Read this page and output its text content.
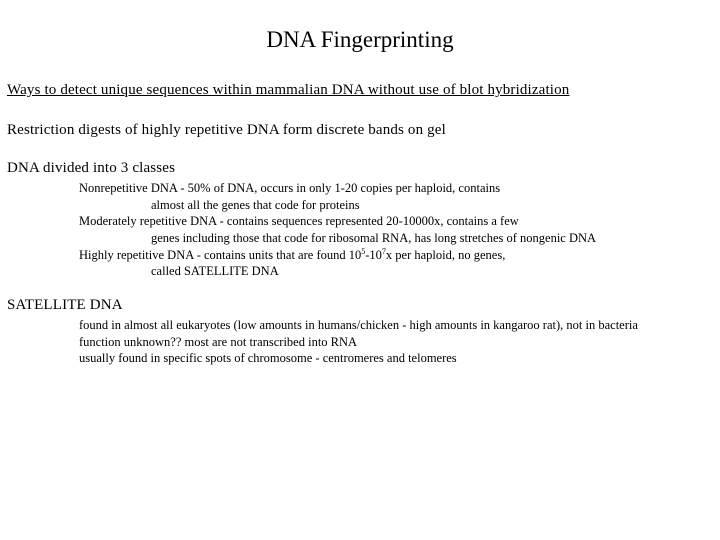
DNA Fingerprinting
Ways to detect unique sequences within mammalian DNA without use of blot hybridization
Restriction digests of highly repetitive DNA form discrete bands on gel
DNA divided into 3 classes
Nonrepetitive DNA - 50% of DNA, occurs in only 1-20 copies per haploid, contains
almost all the genes that code for proteins
Moderately repetitive DNA - contains sequences represented 20-10000x, contains a few
genes including those that code for ribosomal RNA, has long stretches of nongenic DNA
Highly repetitive DNA - contains units that are found $10^5-10^7x$ per haploid, no genes,
called SATELLITE DNA
SATELLITE DNA
found in almost all eukaryotes (low amounts in humans/chicken - high amounts in kangaroo rat), not in bacteria
function unknown?? most are not transcribed into RNA
usually found in specific spots of chromosome - centromeres and telomeres
